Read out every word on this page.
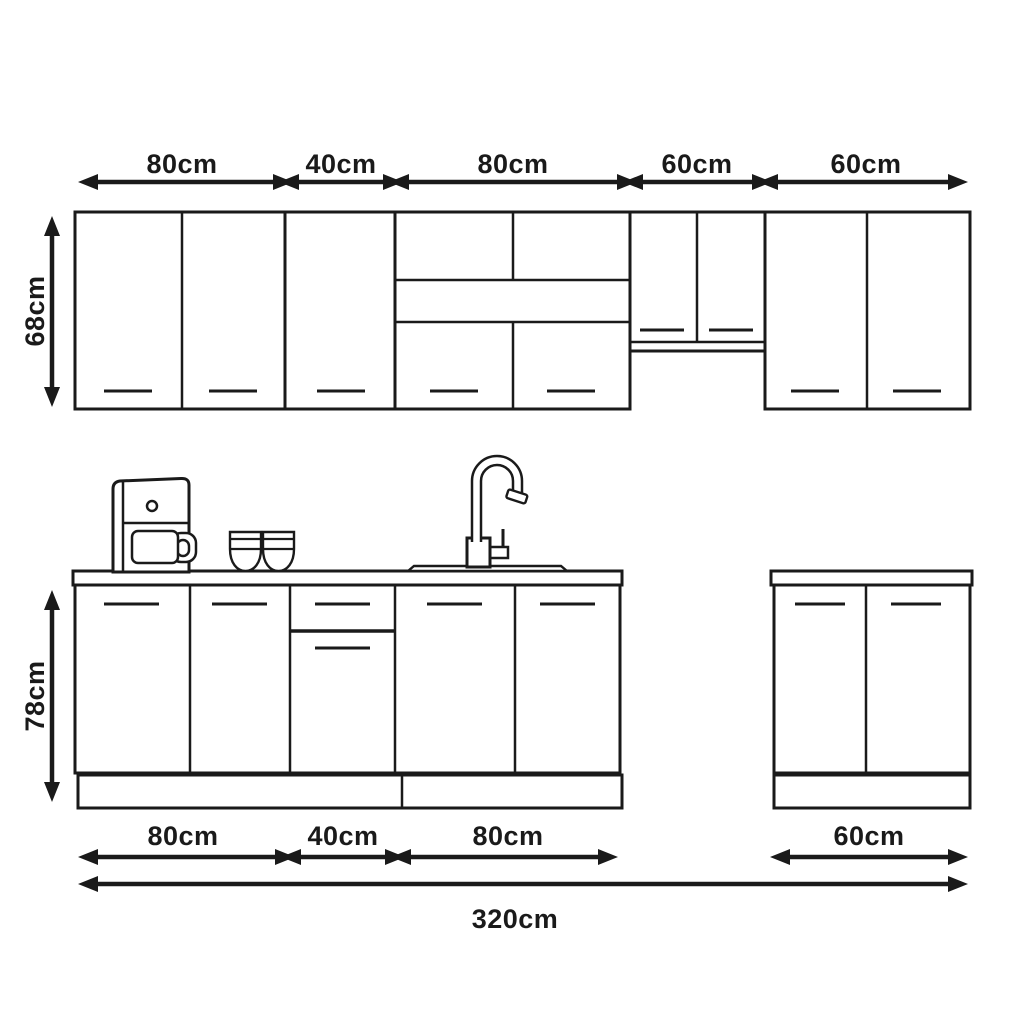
80cm	40cm	80cm	60cm	60cm
68cm
78cm
80cm	40cm	80cm	60cm
320cm
